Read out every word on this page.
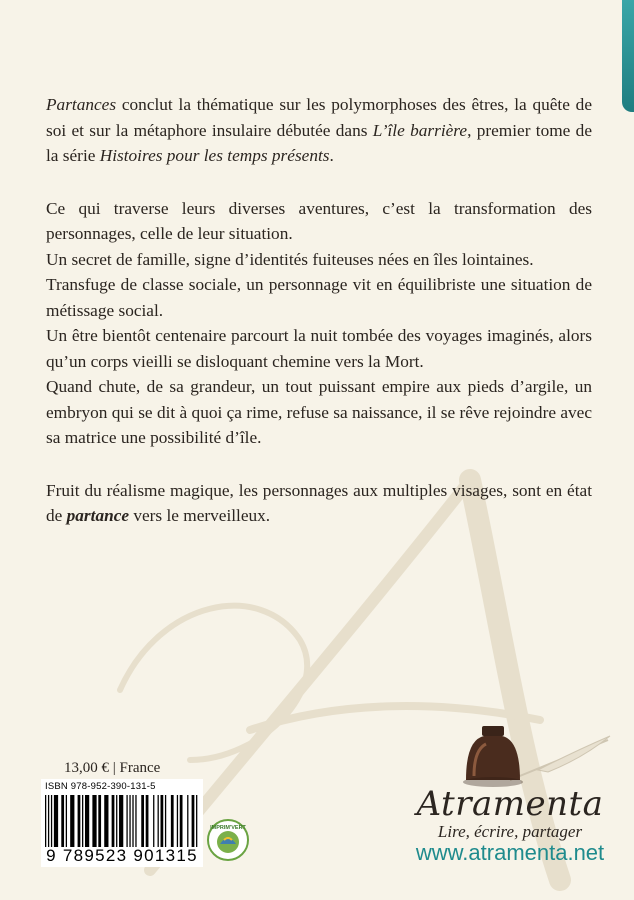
Partances conclut la thématique sur les polymorphoses des êtres, la quête de soi et sur la métaphore insulaire débutée dans L’île barrière, premier tome de la série Histoires pour les temps présents.

Ce qui traverse leurs diverses aventures, c’est la transformation des personnages, celle de leur situation.

Un secret de famille, signe d’identités fuiteuses nées en îles lointaines.

Transfuge de classe sociale, un personnage vit en équilibriste une situation de métissage social.

Un être bientôt centenaire parcourt la nuit tombée des voyages imaginés, alors qu’un corps vieilli se disloquant chemine vers la Mort.

Quand chute, de sa grandeur, un tout puissant empire aux pieds d’argile, un embryon qui se dit à quoi ça rime, refuse sa naissance, il se rêve rejoindre avec sa matrice une possibilité d’île.

Fruit du réalisme magique, les personnages aux multiples visages, sont en état de partance vers le merveilleux.

13,00 € | France
ISBN 978-952-390-131-5
9 789523 901315
IMPRIM'VERT
Atramenta
Lire, écrire, partager
www.atramenta.net
